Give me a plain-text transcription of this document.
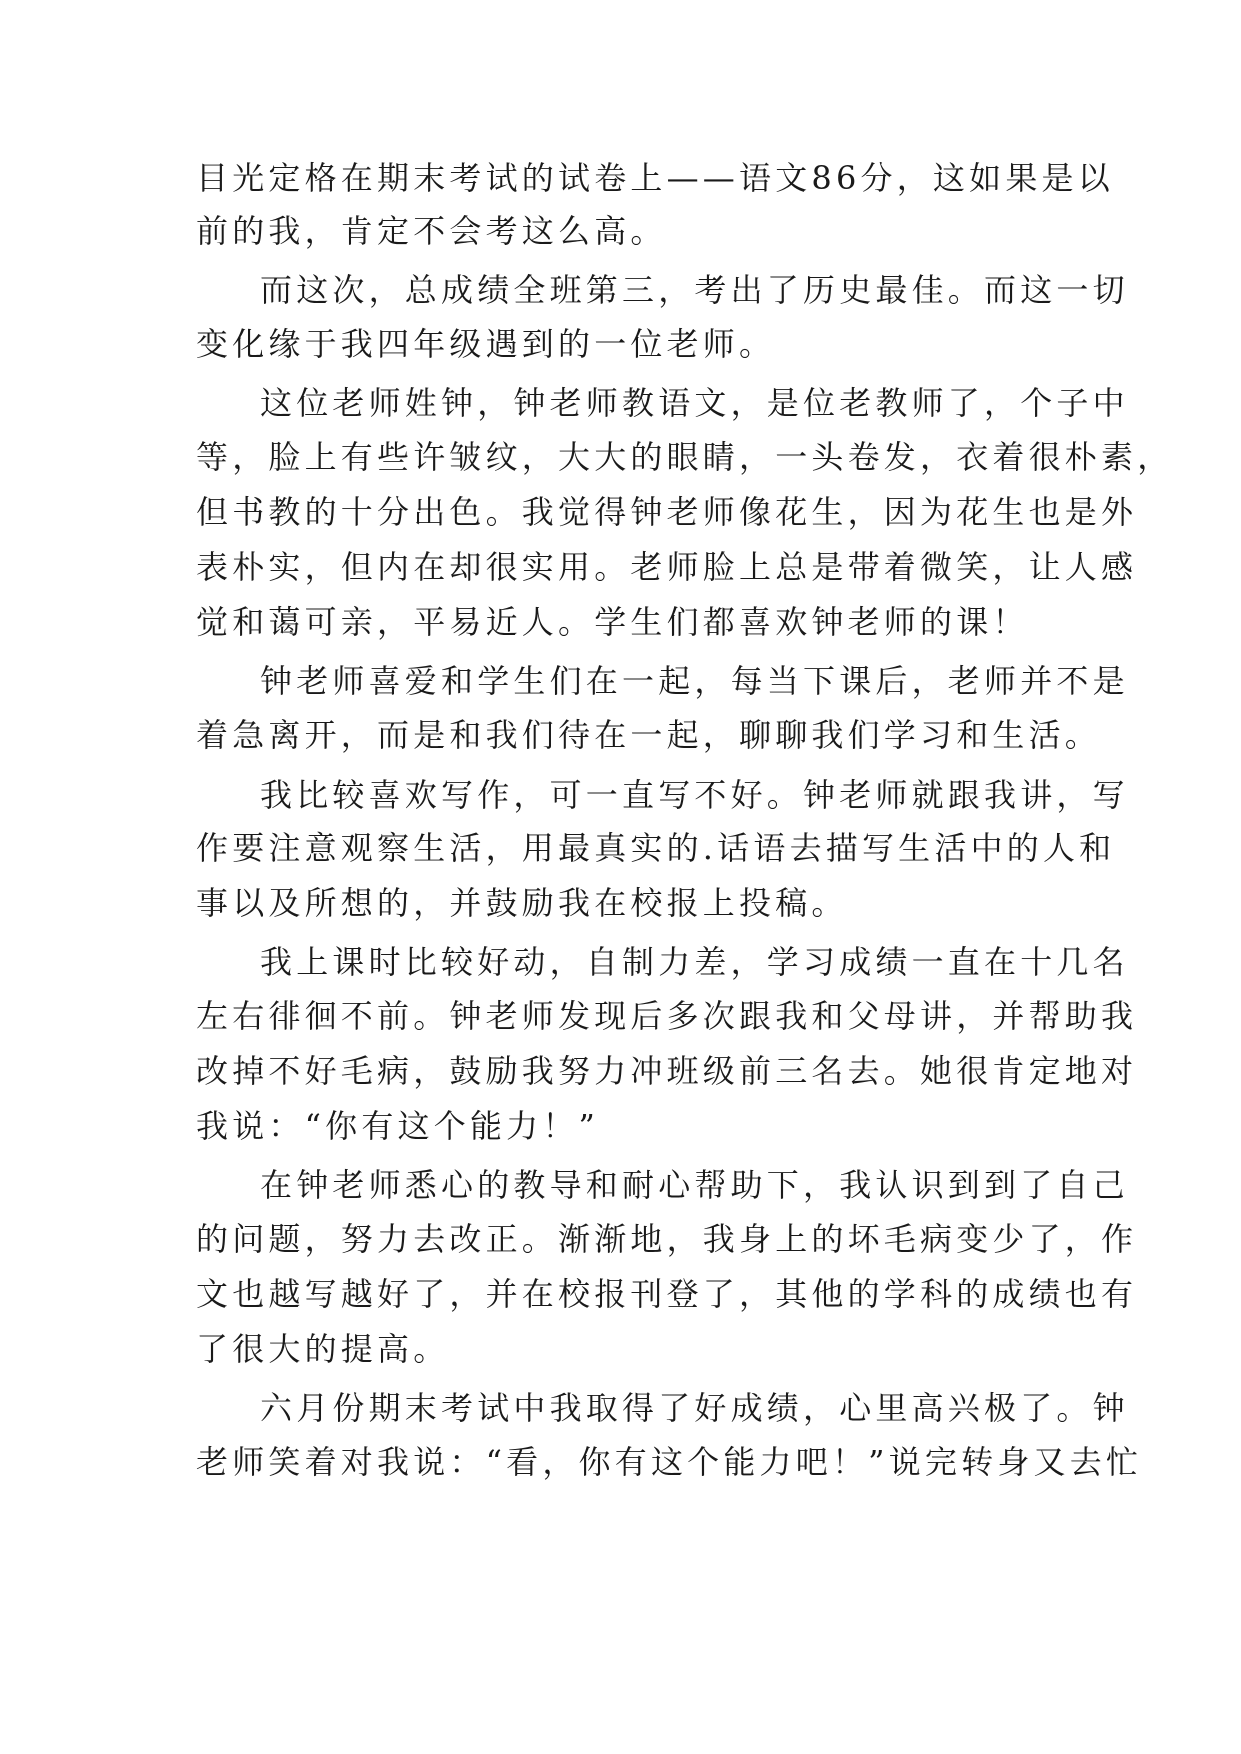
目光定格在期末考试的试卷上——语文86分，这如果是以
前的我，肯定不会考这么高。
而这次，总成绩全班第三，考出了历史最佳。而这一切
变化缘于我四年级遇到的一位老师。
这位老师姓钟，钟老师教语文，是位老教师了，个子中
等，脸上有些许皱纹，大大的眼睛，一头卷发，衣着很朴素，
但书教的十分出色。我觉得钟老师像花生，因为花生也是外
表朴实，但内在却很实用。老师脸上总是带着微笑，让人感
觉和蔼可亲，平易近人。学生们都喜欢钟老师的课！
钟老师喜爱和学生们在一起，每当下课后，老师并不是
着急离开，而是和我们待在一起，聊聊我们学习和生活。
我比较喜欢写作，可一直写不好。钟老师就跟我讲，写
作要注意观察生活，用最真实的.话语去描写生活中的人和
事以及所想的，并鼓励我在校报上投稿。
我上课时比较好动，自制力差，学习成绩一直在十几名
左右徘徊不前。钟老师发现后多次跟我和父母讲，并帮助我
改掉不好毛病，鼓励我努力冲班级前三名去。她很肯定地对
我说：“你有这个能力！”
在钟老师悉心的教导和耐心帮助下，我认识到到了自己
的问题，努力去改正。渐渐地，我身上的坏毛病变少了，作
文也越写越好了，并在校报刊登了，其他的学科的成绩也有
了很大的提高。
六月份期末考试中我取得了好成绩，心里高兴极了。钟
老师笑着对我说：“看，你有这个能力吧！”说完转身又去忙
